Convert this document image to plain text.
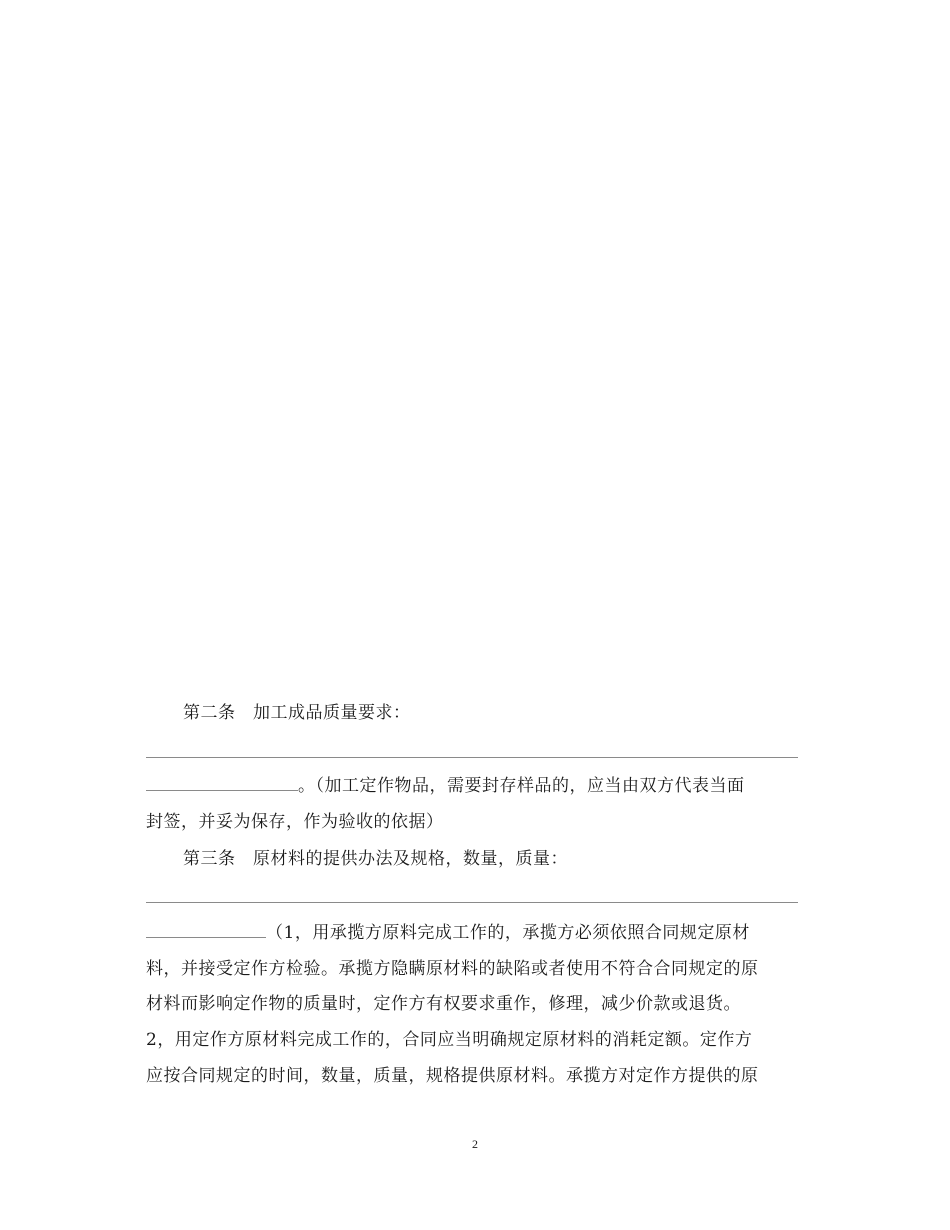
第二条　加工成品质量要求：
。（加工定作物品，需要封存样品的，应当由双方代表当面
封签，并妥为保存，作为验收的依据）
第三条　原材料的提供办法及规格，数量，质量：
（1，用承揽方原料完成工作的，承揽方必须依照合同规定原材
料，并接受定作方检验。承揽方隐瞒原材料的缺陷或者使用不符合合同规定的原
材料而影响定作物的质量时，定作方有权要求重作，修理，减少价款或退货。
2，用定作方原材料完成工作的，合同应当明确规定原材料的消耗定额。定作方
应按合同规定的时间，数量，质量，规格提供原材料。承揽方对定作方提供的原
2
